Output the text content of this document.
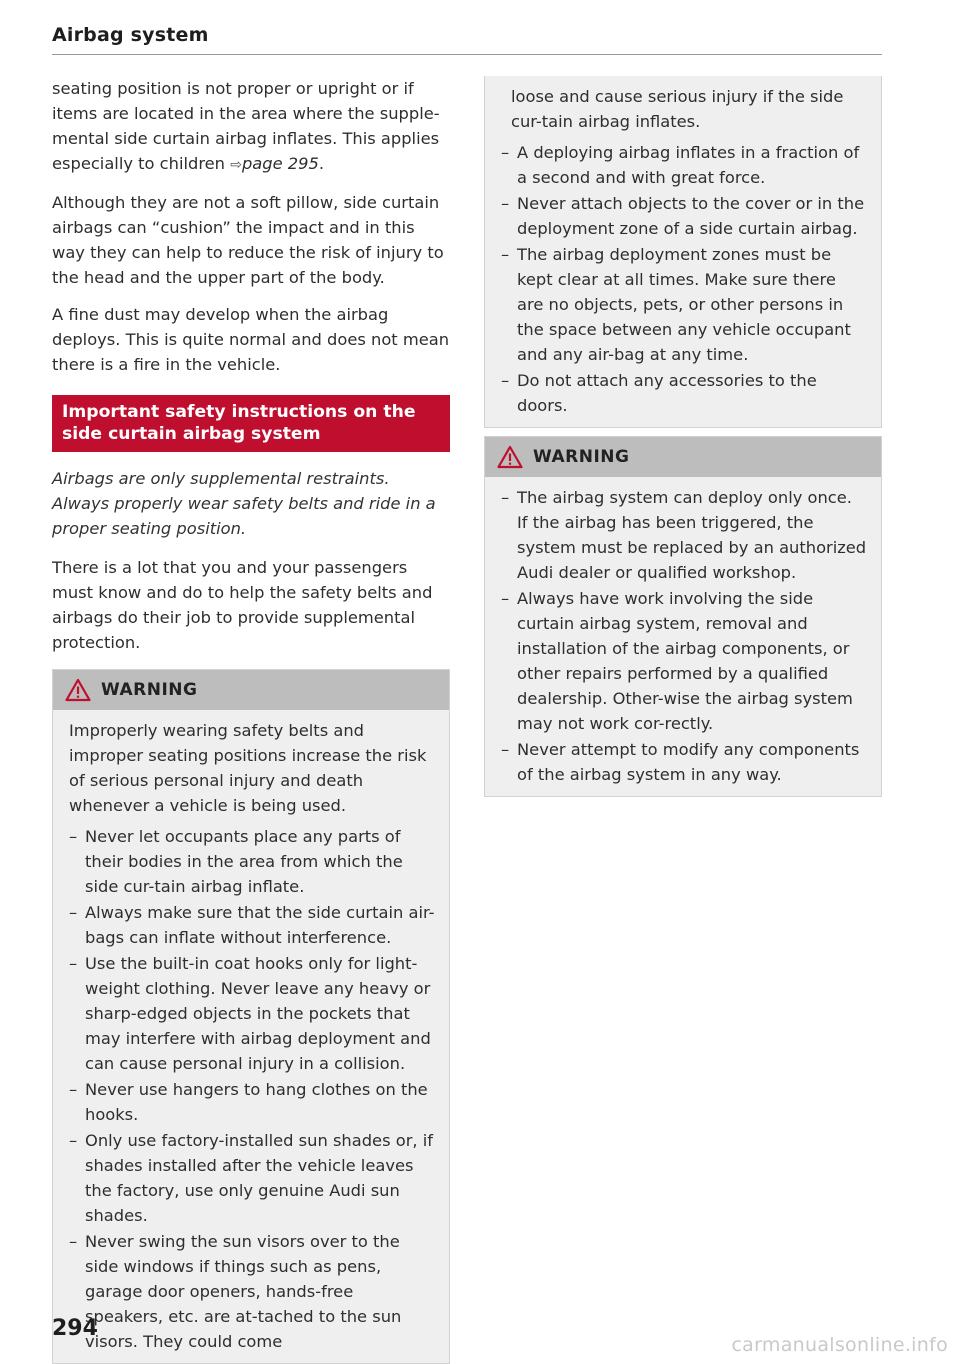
Airbag system

seating position is not proper or upright or if items are located in the area where the supple-mental side curtain airbag inflates. This applies especially to children ⇨page 295.

Although they are not a soft pillow, side curtain airbags can “cushion” the impact and in this way they can help to reduce the risk of injury to the head and the upper part of the body.

A fine dust may develop when the airbag deploys. This is quite normal and does not mean there is a fire in the vehicle.

Important safety instructions on the side curtain airbag system

Airbags are only supplemental restraints. Always properly wear safety belts and ride in a proper seating position.

There is a lot that you and your passengers must know and do to help the safety belts and airbags do their job to provide supplemental protection.

WARNING

Improperly wearing safety belts and improper seating positions increase the risk of serious personal injury and death whenever a vehicle is being used.

– Never let occupants place any parts of their bodies in the area from which the side cur-tain airbag inflate.
– Always make sure that the side curtain air-bags can inflate without interference.
– Use the built-in coat hooks only for light-weight clothing. Never leave any heavy or sharp-edged objects in the pockets that may interfere with airbag deployment and can cause personal injury in a collision.
– Never use hangers to hang clothes on the hooks.
– Only use factory-installed sun shades or, if shades installed after the vehicle leaves the factory, use only genuine Audi sun shades.
– Never swing the sun visors over to the side windows if things such as pens, garage door openers, hands-free speakers, etc. are at-tached to the sun visors. They could come

loose and cause serious injury if the side cur-tain airbag inflates.

– A deploying airbag inflates in a fraction of a second and with great force.
– Never attach objects to the cover or in the deployment zone of a side curtain airbag.
– The airbag deployment zones must be kept clear at all times. Make sure there are no objects, pets, or other persons in the space between any vehicle occupant and any air-bag at any time.
– Do not attach any accessories to the doors.
WARNING
– The airbag system can deploy only once. If the airbag has been triggered, the system must be replaced by an authorized Audi dealer or qualified workshop.
– Always have work involving the side curtain airbag system, removal and installation of the airbag components, or other repairs performed by a qualified dealership. Other-wise the airbag system may not work cor-rectly.
– Never attempt to modify any components of the airbag system in any way.
294
carmanualsonline.info
